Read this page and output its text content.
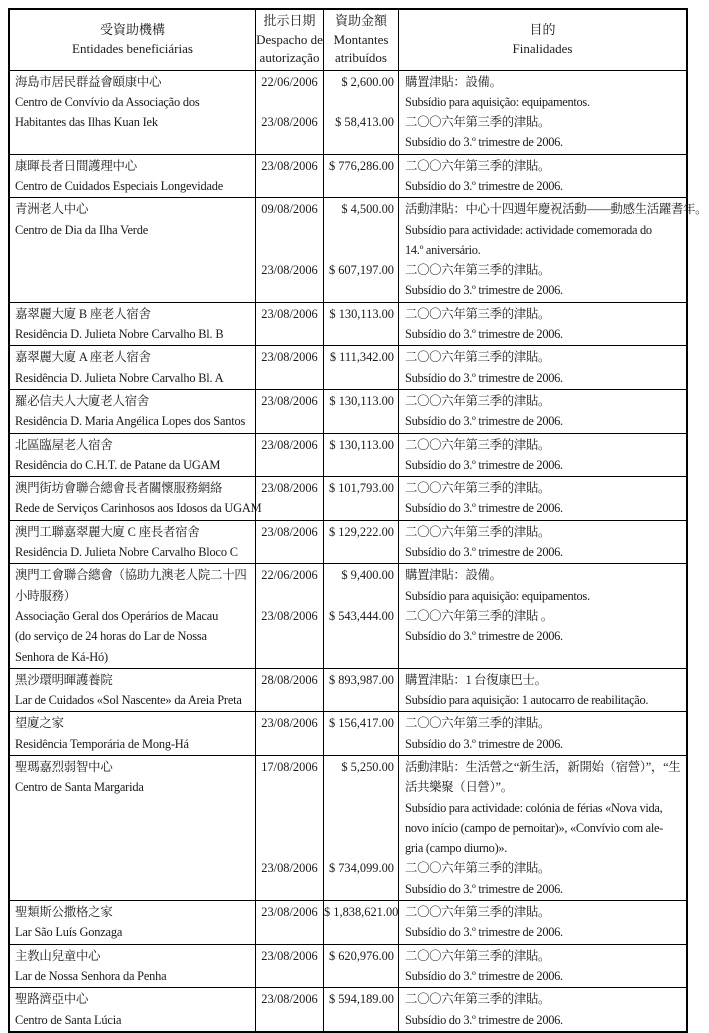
受資助機構
Entidades beneficiárias
批示日期
Despacho de
autorização
資助金額
Montantes
atribuídos
目的
Finalidades
海島市居民群益會頤康中心
Centro de Convívio da Associação dos
Habitantes das Ilhas Kuan Iek
22/06/2006

23/08/2006

$ 2,600.00

$ 58,413.00

購置津貼：設備。
Subsídio para aquisição: equipamentos.
二〇〇六年第三季的津貼。
Subsídio do 3.º trimestre de 2006.
康暉長者日間護理中心
Centro de Cuidados Especiais Longevidade
23/08/2006
$ 776,286.00
二〇〇六年第三季的津貼。
Subsídio do 3.º trimestre de 2006.
青洲老人中心
Centro de Dia da Ilha Verde
09/08/2006

23/08/2006

$ 4,500.00

$ 607,197.00

活動津貼：中心十四週年慶祝活動——動感生活躍耆年。
Subsídio para actividade: actividade comemorada do
14.º aniversário.
二〇〇六年第三季的津貼。
Subsídio do 3.º trimestre de 2006.
嘉翠麗大廈 B 座老人宿舍
Residência D. Julieta Nobre Carvalho Bl. B
23/08/2006
$ 130,113.00
二〇〇六年第三季的津貼。
Subsídio do 3.º trimestre de 2006.
嘉翠麗大廈 A 座老人宿舍
Residência D. Julieta Nobre Carvalho Bl. A
23/08/2006
$ 111,342.00
二〇〇六年第三季的津貼。
Subsídio do 3.º trimestre de 2006.
羅必信夫人大廈老人宿舍
Residência D. Maria Angélica Lopes dos Santos
23/08/2006
$ 130,113.00
二〇〇六年第三季的津貼。
Subsídio do 3.º trimestre de 2006.
北區臨屋老人宿舍
Residência do C.H.T. de Patane da UGAM
23/08/2006
$ 130,113.00
二〇〇六年第三季的津貼。
Subsídio do 3.º trimestre de 2006.
澳門街坊會聯合總會長者關懷服務網絡
Rede de Serviços Carinhosos aos Idosos da UGAM
23/08/2006
$ 101,793.00
二〇〇六年第三季的津貼。
Subsídio do 3.º trimestre de 2006.
澳門工聯嘉翠麗大廈 C 座長者宿舍
Residência D. Julieta Nobre Carvalho Bloco C
23/08/2006
$ 129,222.00
二〇〇六年第三季的津貼。
Subsídio do 3.º trimestre de 2006.
澳門工會聯合總會（協助九澳老人院二十四
小時服務）
Associação Geral dos Operários de Macau
(do serviço de 24 horas do Lar de Nossa
Senhora de Ká-Hó)
22/06/2006

23/08/2006

$ 9,400.00

$ 543,444.00

購置津貼：設備。
Subsídio para aquisição: equipamentos.
二〇〇六年第三季的津貼 。
Subsídio do 3.º trimestre de 2006.
黑沙環明暉護養院
Lar de Cuidados «Sol Nascente» da Areia Preta
28/08/2006
$ 893,987.00
購置津貼：1 台復康巴士。
Subsídio para aquisição: 1 autocarro de reabilitação.
望廈之家
Residência Temporária de Mong-Há
23/08/2006
$ 156,417.00
二〇〇六年第三季的津貼。
Subsídio do 3.º trimestre de 2006.
聖瑪嘉烈弱智中心
Centro de Santa Margarida
17/08/2006

23/08/2006

$ 5,250.00

$ 734,099.00

活動津貼：生活營之“新生活，新開始（宿營）”，“生
活共樂聚（日營）”。
Subsídio para actividade: colónia de férias «Nova vida,
novo início (campo de pernoitar)», «Convívio com ale-
gria (campo diurno)».
二〇〇六年第三季的津貼。
Subsídio do 3.º trimestre de 2006.
聖類斯公撒格之家
Lar São Luís Gonzaga
23/08/2006
$ 1,838,621.00
二〇〇六年第三季的津貼。
Subsídio do 3.º trimestre de 2006.
主教山兒童中心
Lar de Nossa Senhora da Penha
23/08/2006
$ 620,976.00
二〇〇六年第三季的津貼。
Subsídio do 3.º trimestre de 2006.
聖路濟亞中心
Centro de Santa Lúcia
23/08/2006
$ 594,189.00
二〇〇六年第三季的津貼。
Subsídio do 3.º trimestre de 2006.
